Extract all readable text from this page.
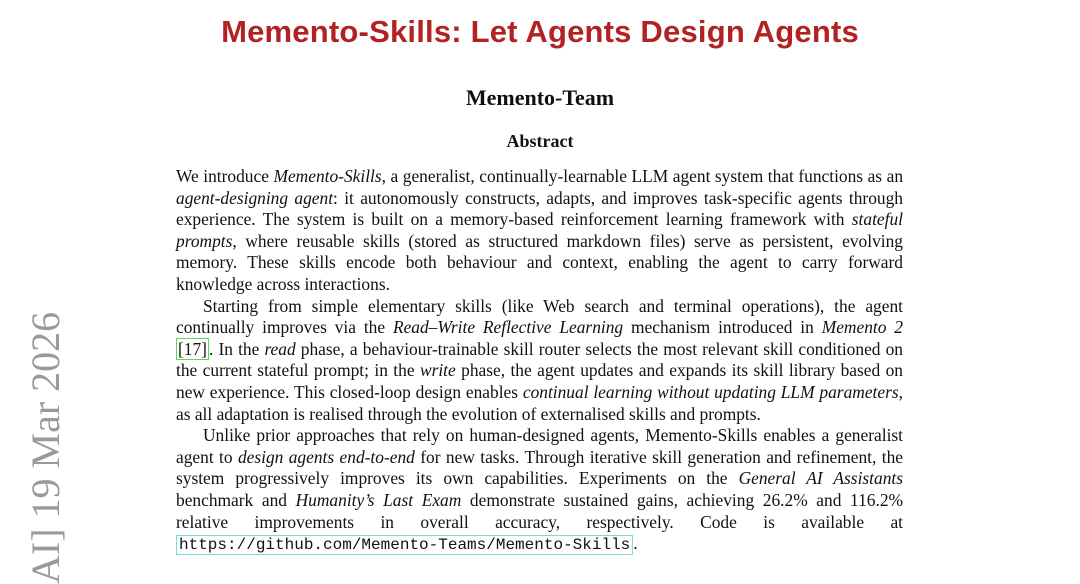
Memento-Skills: Let Agents Design Agents
Memento-Team
Abstract

We introduce Memento-Skills, a generalist, continually-learnable LLM agent system that functions as an agent-designing agent: it autonomously constructs, adapts, and improves task-specific agents through experience. The system is built on a memory-based reinforcement learning framework with stateful prompts, where reusable skills (stored as structured markdown files) serve as persistent, evolving memory. These skills encode both behaviour and context, enabling the agent to carry forward knowledge across interactions.

Starting from simple elementary skills (like Web search and terminal operations), the agent continually improves via the Read–Write Reflective Learning mechanism introduced in Memento 2 [17] . In the read phase, a behaviour-trainable skill router selects the most relevant skill conditioned on the current stateful prompt; in the write phase, the agent updates and expands its skill library based on new experience. This closed-loop design enables continual learning without updating LLM parameters, as all adaptation is realised through the evolution of externalised skills and prompts.

Unlike prior approaches that rely on human-designed agents, Memento-Skills enables a generalist agent to design agents end-to-end for new tasks. Through iterative skill generation and refinement, the system progressively improves its own capabilities. Experiments on the General AI Assistants benchmark and Humanity’s Last Exam demonstrate sustained gains, achieving 26.2% and 116.2% relative improvements in overall accuracy, respectively. Code is available at https://github.com/Memento-Teams/Memento-Skills .

AI] 19 Mar 2026
